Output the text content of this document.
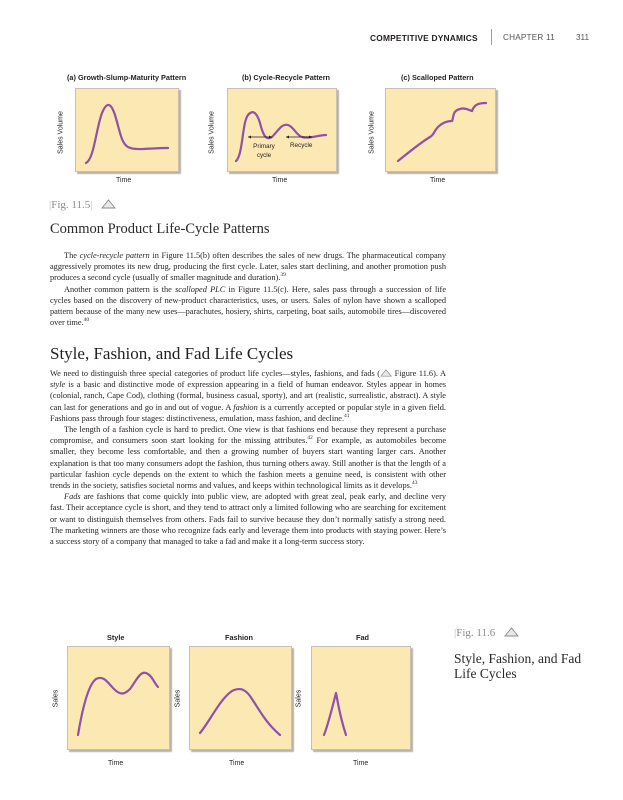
COMPETITIVE DYNAMICS	CHAPTER 11	311
(a) Growth-Slump-Maturity Pattern
Sales Volume
Time
(b) Cycle-Recycle Pattern
Sales Volume	Primary cycle
Recycle
Time
(c) Scalloped Pattern
Sales Volume
Time
|Fig. 11.5|
Common Product Life-Cycle Patterns

The cycle-recycle pattern in Figure 11.5(b) often describes the sales of new drugs. The pharmaceutical company aggressively promotes its new drug, producing the first cycle. Later, sales start declining, and another promotion push produces a second cycle (usually of smaller magnitude and duration).$^{39}$

Another common pattern is the scalloped PLC in Figure 11.5(c). Here, sales pass through a succession of life cycles based on the discovery of new-product characteristics, uses, or users. Sales of nylon have shown a scalloped pattern because of the many new uses—parachutes, hosiery, shirts, carpeting, boat sails, automobile tires—discovered over time.$^{40}$

Style, Fashion, and Fad Life Cycles

We need to distinguish three special categories of product life cycles—styles, fashions, and fads ( Figure 11.6). A style is a basic and distinctive mode of expression appearing in a field of human endeavor. Styles appear in homes (colonial, ranch, Cape Cod), clothing (formal, business casual, sporty), and art (realistic, surrealistic, abstract). A style can last for generations and go in and out of vogue. A fashion is a currently accepted or popular style in a given field. Fashions pass through four stages: distinctiveness, emulation, mass fashion, and decline.$^{41}$

The length of a fashion cycle is hard to predict. One view is that fashions end because they represent a purchase compromise, and consumers soon start looking for the missing attributes.$^{42}$ For example, as automobiles become smaller, they become less comfortable, and then a growing number of buyers start wanting larger cars. Another explanation is that too many consumers adopt the fashion, thus turning others away. Still another is that the length of a particular fashion cycle depends on the extent to which the fashion meets a genuine need, is consistent with other trends in the society, satisfies societal norms and values, and keeps within technological limits as it develops.$^{43}$

Fads are fashions that come quickly into public view, are adopted with great zeal, peak early, and decline very fast. Their acceptance cycle is short, and they tend to attract only a limited following who are searching for excitement or want to distinguish themselves from others. Fads fail to survive because they don’t normally satisfy a strong need. The marketing winners are those who recognize fads early and leverage them into products with staying power. Here’s a success story of a company that managed to take a fad and make it a long-term success story.

Style
Sales
Time
Fashion
Sales
Time
Fad
Sales
Time
|Fig. 11.6
Style, Fashion, and Fad Life Cycles
